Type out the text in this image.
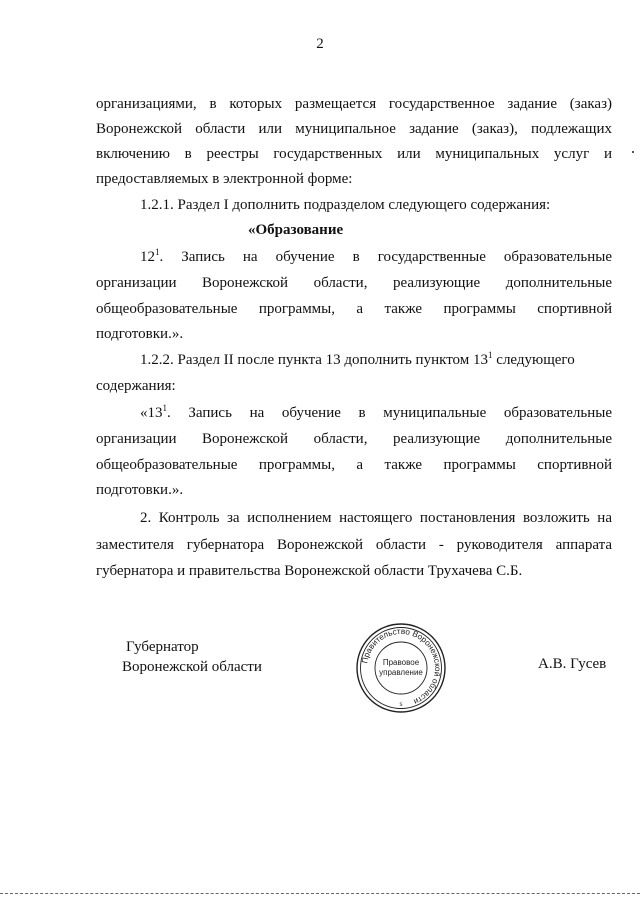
2
организациями, в которых размещается государственное задание (заказ)
Воронежской области или муниципальное задание (заказ), подлежащих
включению в реестры государственных или муниципальных услуг и
предоставляемых в электронной форме:
1.2.1. Раздел I дополнить подразделом следующего содержания:
«Образование
$12^1$. Запись на обучение в государственные образовательные
организации Воронежской области, реализующие дополнительные
общеобразовательные программы, а также программы спортивной
подготовки.».
1.2.2. Раздел II после пункта 13 дополнить пунктом $13^1$ следующего
содержания:
«$13^1$. Запись на обучение в муниципальные образовательные
организации Воронежской области, реализующие дополнительные
общеобразовательные программы, а также программы спортивной
подготовки.».
2. Контроль за исполнением настоящего постановления возложить на
заместителя губернатора Воронежской области - руководителя аппарата
губернатора и правительства Воронежской области Трухачева С.Б.
Губернатор
Воронежской области	Правительство Воронежской области
Правовое
управление
s
А.В. Гусев
